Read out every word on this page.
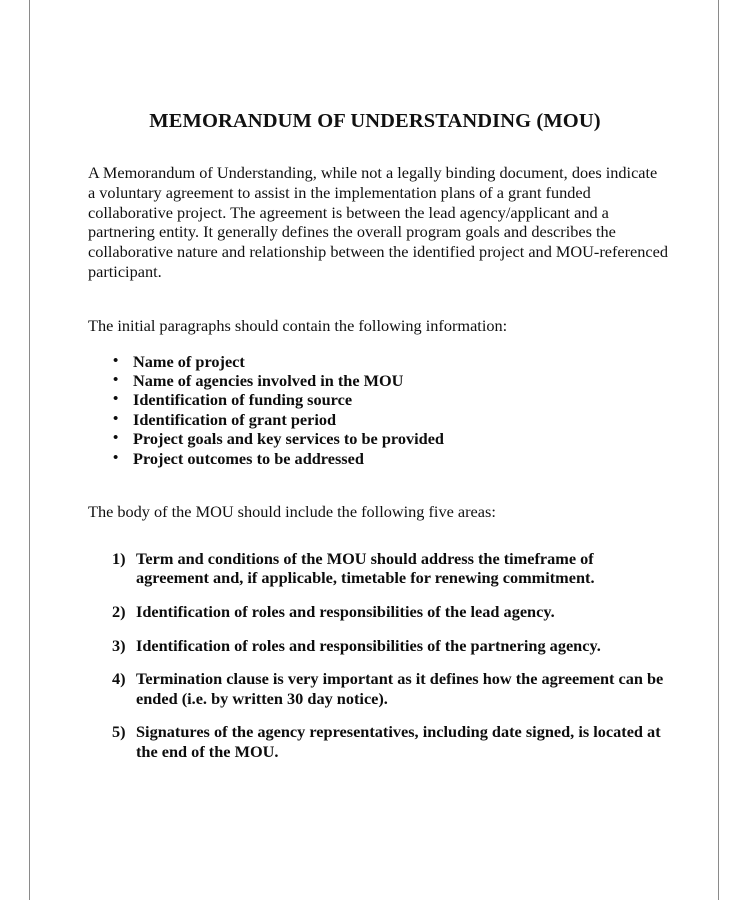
MEMORANDUM OF UNDERSTANDING (MOU)

A Memorandum of Understanding, while not a legally binding document, does indicate a voluntary agreement to assist in the implementation plans of a grant funded collaborative project. The agreement is between the lead agency/applicant and a partnering entity. It generally defines the overall program goals and describes the collaborative nature and relationship between the identified project and MOU-referenced participant.

The initial paragraphs should contain the following information:

• Name of project
• Name of agencies involved in the MOU
• Identification of funding source
• Identification of grant period
• Project goals and key services to be provided
• Project outcomes to be addressed

The body of the MOU should include the following five areas:

1) Term and conditions of the MOU should address the timeframe of agreement and, if applicable, timetable for renewing commitment.
2) Identification of roles and responsibilities of the lead agency.
3) Identification of roles and responsibilities of the partnering agency.
4) Termination clause is very important as it defines how the agreement can be ended (i.e. by written 30 day notice).
5) Signatures of the agency representatives, including date signed, is located at the end of the MOU.
